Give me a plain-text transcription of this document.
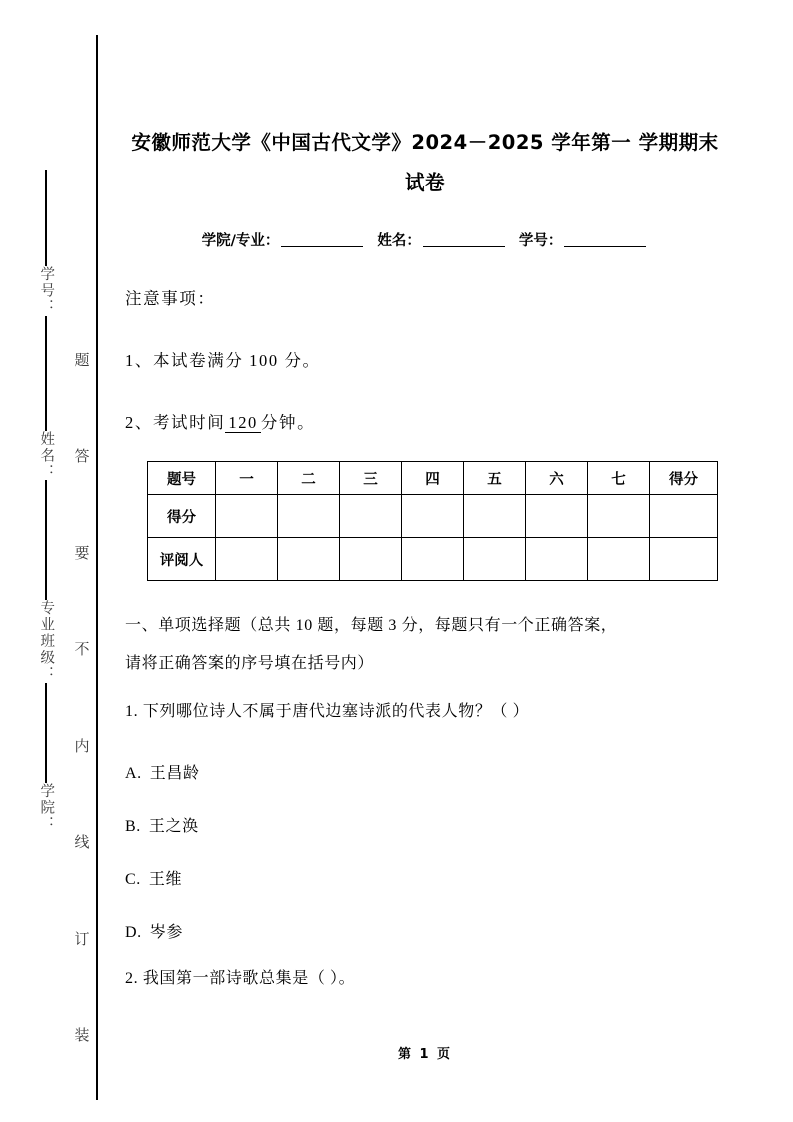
学号：
姓名：
专业班级：
学院：
题
答
要
不
内
线
订
装
安徽师范大学《中国古代文学》2024－2025 学年第一 学期期末试卷
学院/专业：	姓名：	学号：
注意事项：
1、本试卷满分 100 分。
2、考试时间 120 分钟。
题号	一	二	三	四	五	六	七	得分
得分								
评阅人								
一、单项选择题（总共 10 题，每题 3 分，每题只有一个正确答案，
请将正确答案的序号填在括号内）
1. 下列哪位诗人不属于唐代边塞诗派的代表人物？（ ）
A. 王昌龄
B. 王之涣
C. 王维
D. 岑参
2. 我国第一部诗歌总集是（ ）。
第 1 页
